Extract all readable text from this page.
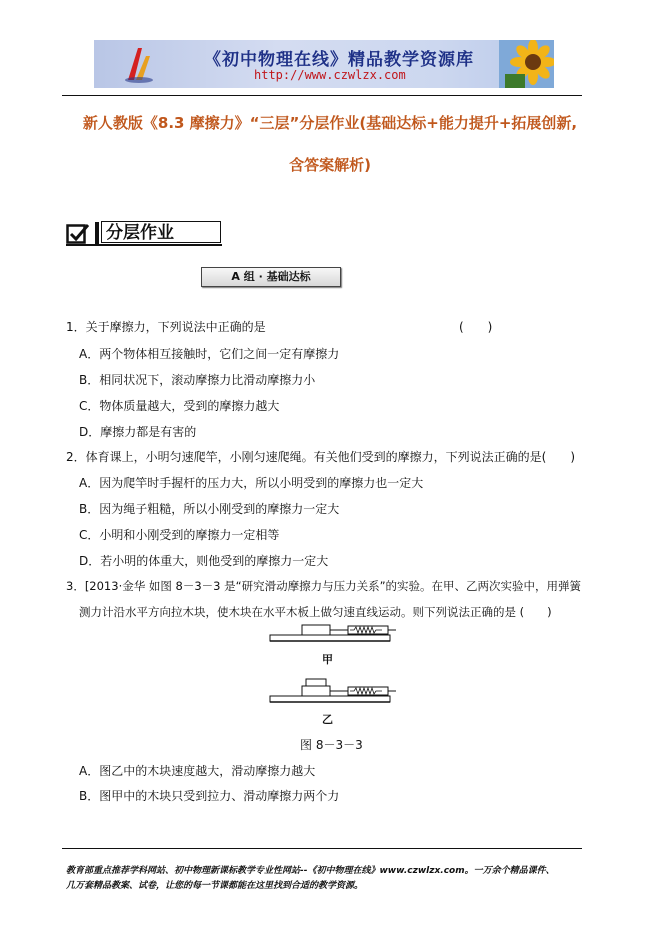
《初中物理在线》精品教学资源库
http://www.czwlzx.com
新人教版《8.3 摩擦力》“三层”分层作业(基础达标+能力提升+拓展创新,
含答案解析)
分层作业
A 组 · 基础达标
1．关于摩擦力，下列说法中正确的是	(　　)
A．两个物体相互接触时，它们之间一定有摩擦力
B．相同状况下，滚动摩擦力比滑动摩擦力小
C．物体质量越大，受到的摩擦力越大
D．摩擦力都是有害的
2．体育课上，小明匀速爬竿，小刚匀速爬绳。有关他们受到的摩擦力，下列说法正确的是(　　)
A．因为爬竿时手握杆的压力大，所以小明受到的摩擦力也一定大
B．因为绳子粗糙，所以小刚受到的摩擦力一定大
C．小明和小刚受到的摩擦力一定相等
D．若小明的体重大，则他受到的摩擦力一定大
3．[2013·金华 如图 8－3－3 是“研究滑动摩擦力与压力关系”的实验。在甲、乙两次实验中，用弹簧
测力计沿水平方向拉木块，使木块在水平木板上做匀速直线运动。则下列说法正确的是 (　　)
甲
乙
图 8－3－3
A．图乙中的木块速度越大，滑动摩擦力越大
B．图甲中的木块只受到拉力、滑动摩擦力两个力
教育部重点推荐学科网站、初中物理新课标教学专业性网站--《初中物理在线》www.czwlzx.com。一万余个精品课件、
几万套精品教案、试卷，让您的每一节课都能在这里找到合适的教学资源。
